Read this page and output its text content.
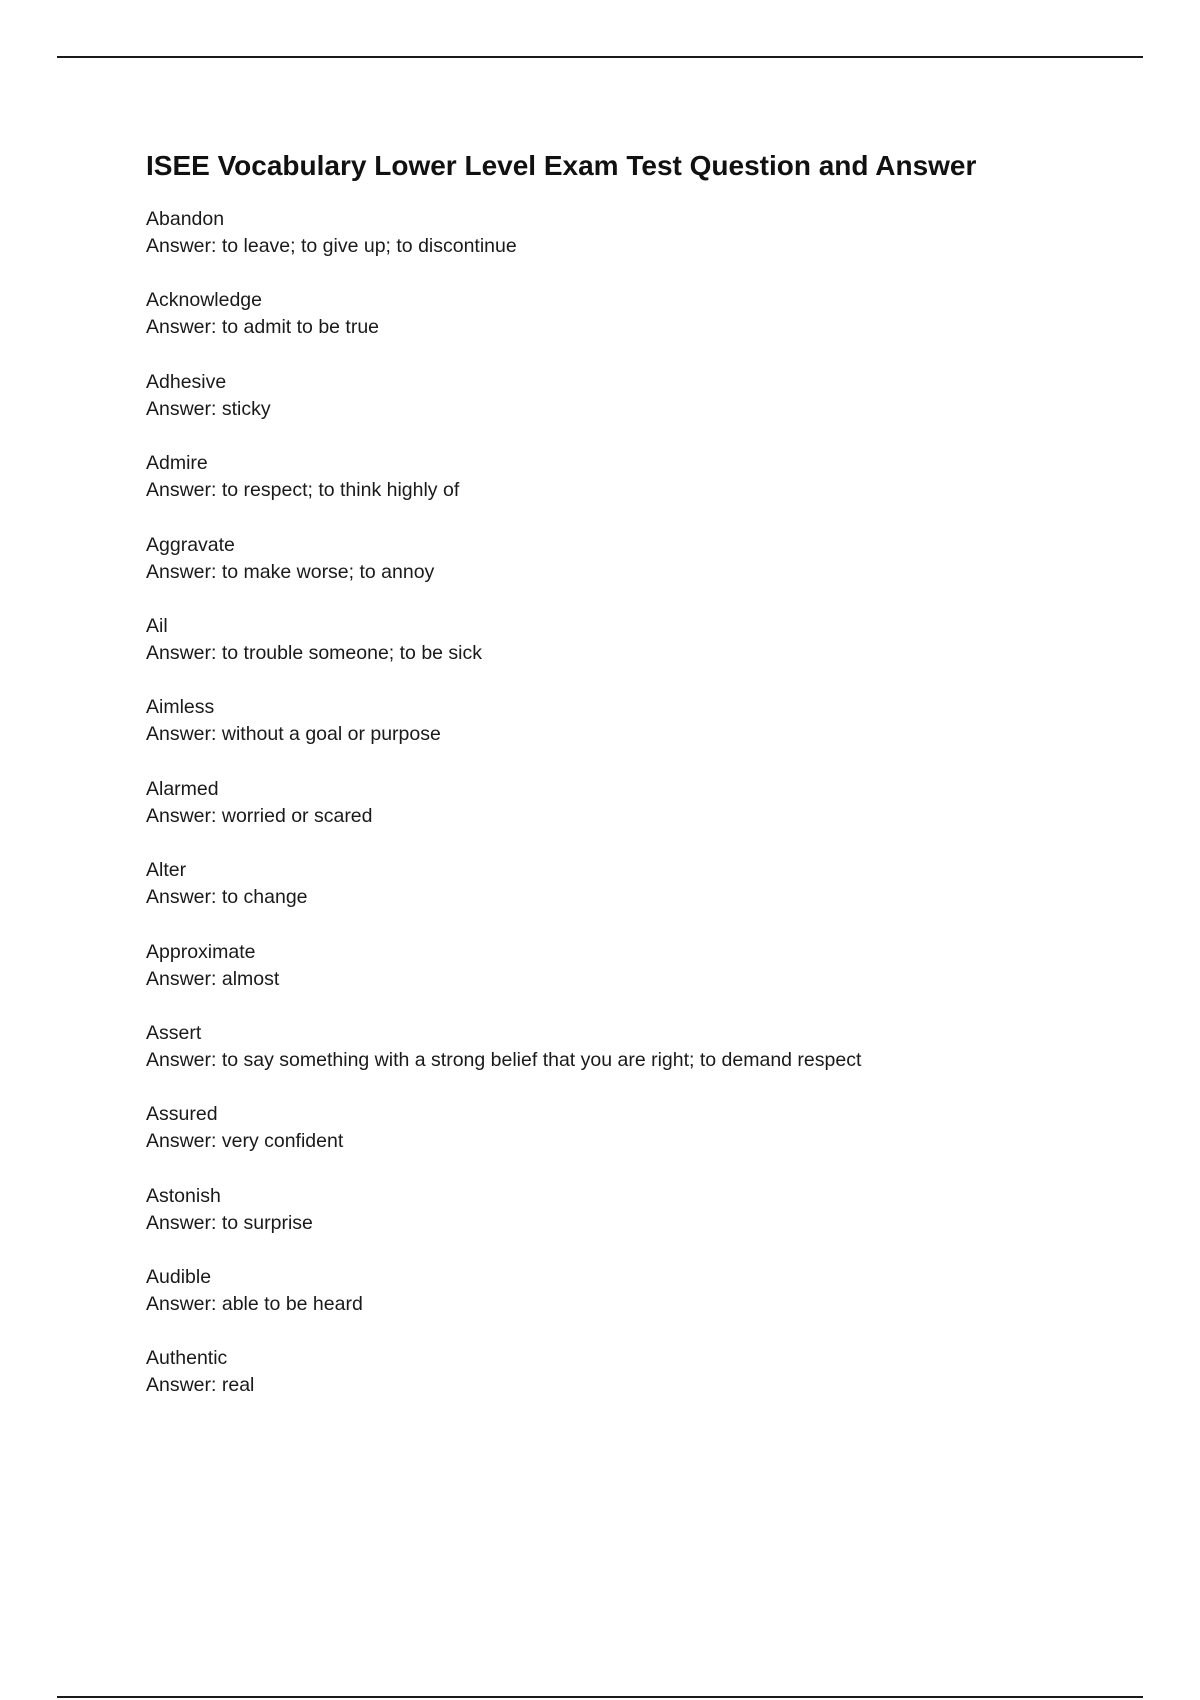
ISEE Vocabulary Lower Level Exam Test Question and Answer
Abandon
Answer: to leave; to give up; to discontinue
Acknowledge
Answer: to admit to be true
Adhesive
Answer: sticky
Admire
Answer: to respect; to think highly of
Aggravate
Answer: to make worse; to annoy
Ail
Answer: to trouble someone; to be sick
Aimless
Answer: without a goal or purpose
Alarmed
Answer: worried or scared
Alter
Answer: to change
Approximate
Answer: almost
Assert
Answer: to say something with a strong belief that you are right; to demand respect
Assured
Answer: very confident
Astonish
Answer: to surprise
Audible
Answer: able to be heard
Authentic
Answer: real
